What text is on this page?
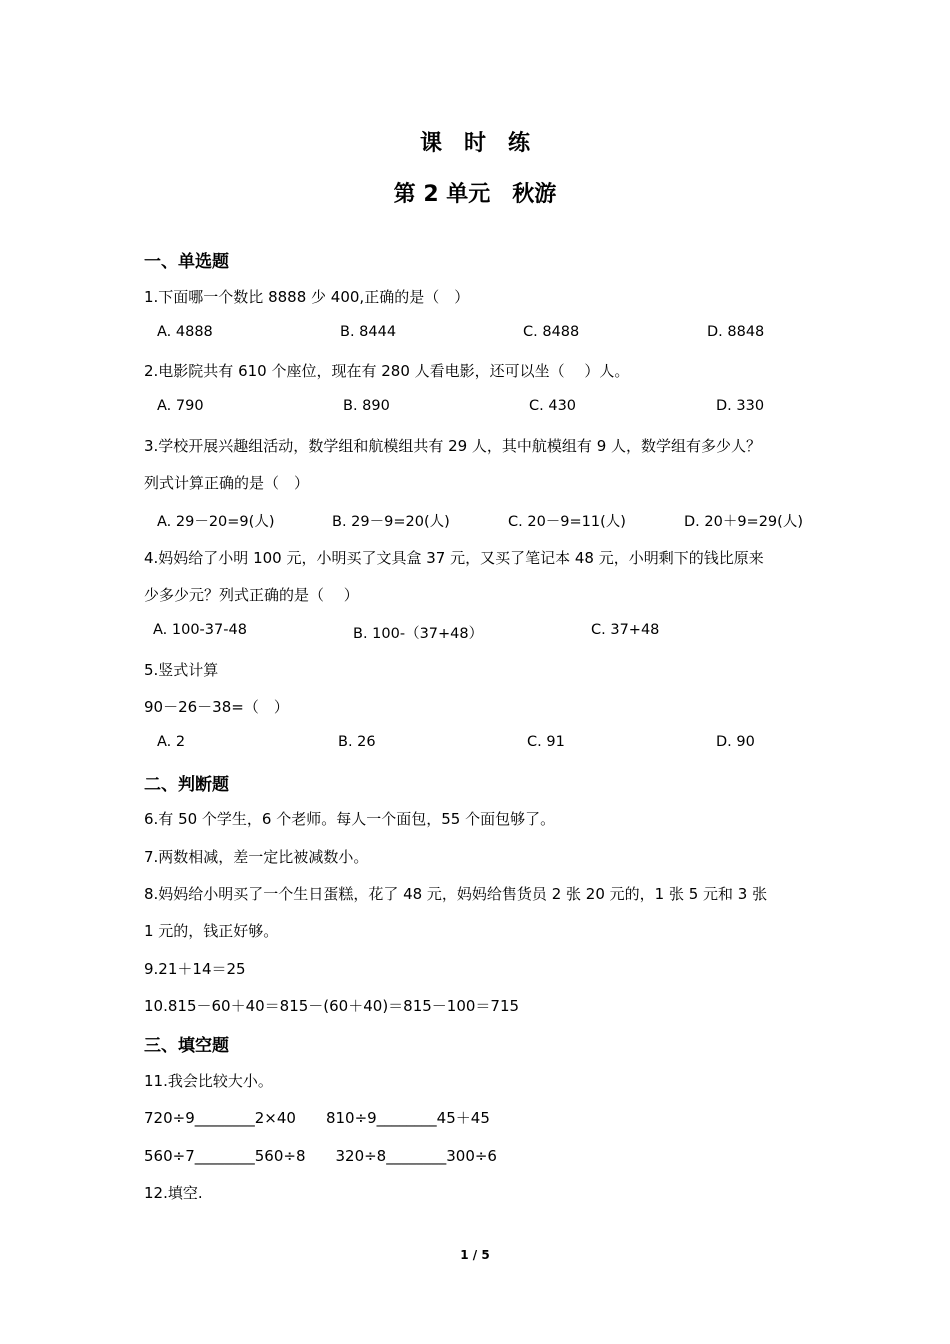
课　时　练
第 2 单元　秋游
一、单选题
1.下面哪一个数比 8888 少 400,正确的是（　）
A. 4888	B. 8444	C. 8488	D. 8848
2.电影院共有 610 个座位，现在有 280 人看电影，还可以坐（　 ）人。
A. 790	B. 890	C. 430	D. 330
3.学校开展兴趣组活动，数学组和航模组共有 29 人，其中航模组有 9 人，数学组有多少人？
列式计算正确的是（　）
A. 29－20=9(人)	B. 29－9=20(人)	C. 20－9=11(人)	D. 20＋9=29(人)
4.妈妈给了小明 100 元，小明买了文具盒 37 元，又买了笔记本 48 元，小明剩下的钱比原来
少多少元？列式正确的是（　 ）
A. 100-37-48	B. 100-（37+48）	C. 37+48
5.竖式计算
90－26－38=（　）
A. 2	B. 26	C. 91	D. 90
二、判断题
6.有 50 个学生，6 个老师。每人一个面包，55 个面包够了。
7.两数相减，差一定比被减数小。
8.妈妈给小明买了一个生日蛋糕，花了 48 元，妈妈给售货员 2 张 20 元的，1 张 5 元和 3 张
1 元的，钱正好够。
9.21＋14＝25
10.815－60＋40＝815－(60＋40)＝815－100＝715
三、填空题
11.我会比较大小。
720÷9________2×40　　810÷9________45＋45
560÷7________560÷8　　320÷8________300÷6
12.填空.
1 / 5
